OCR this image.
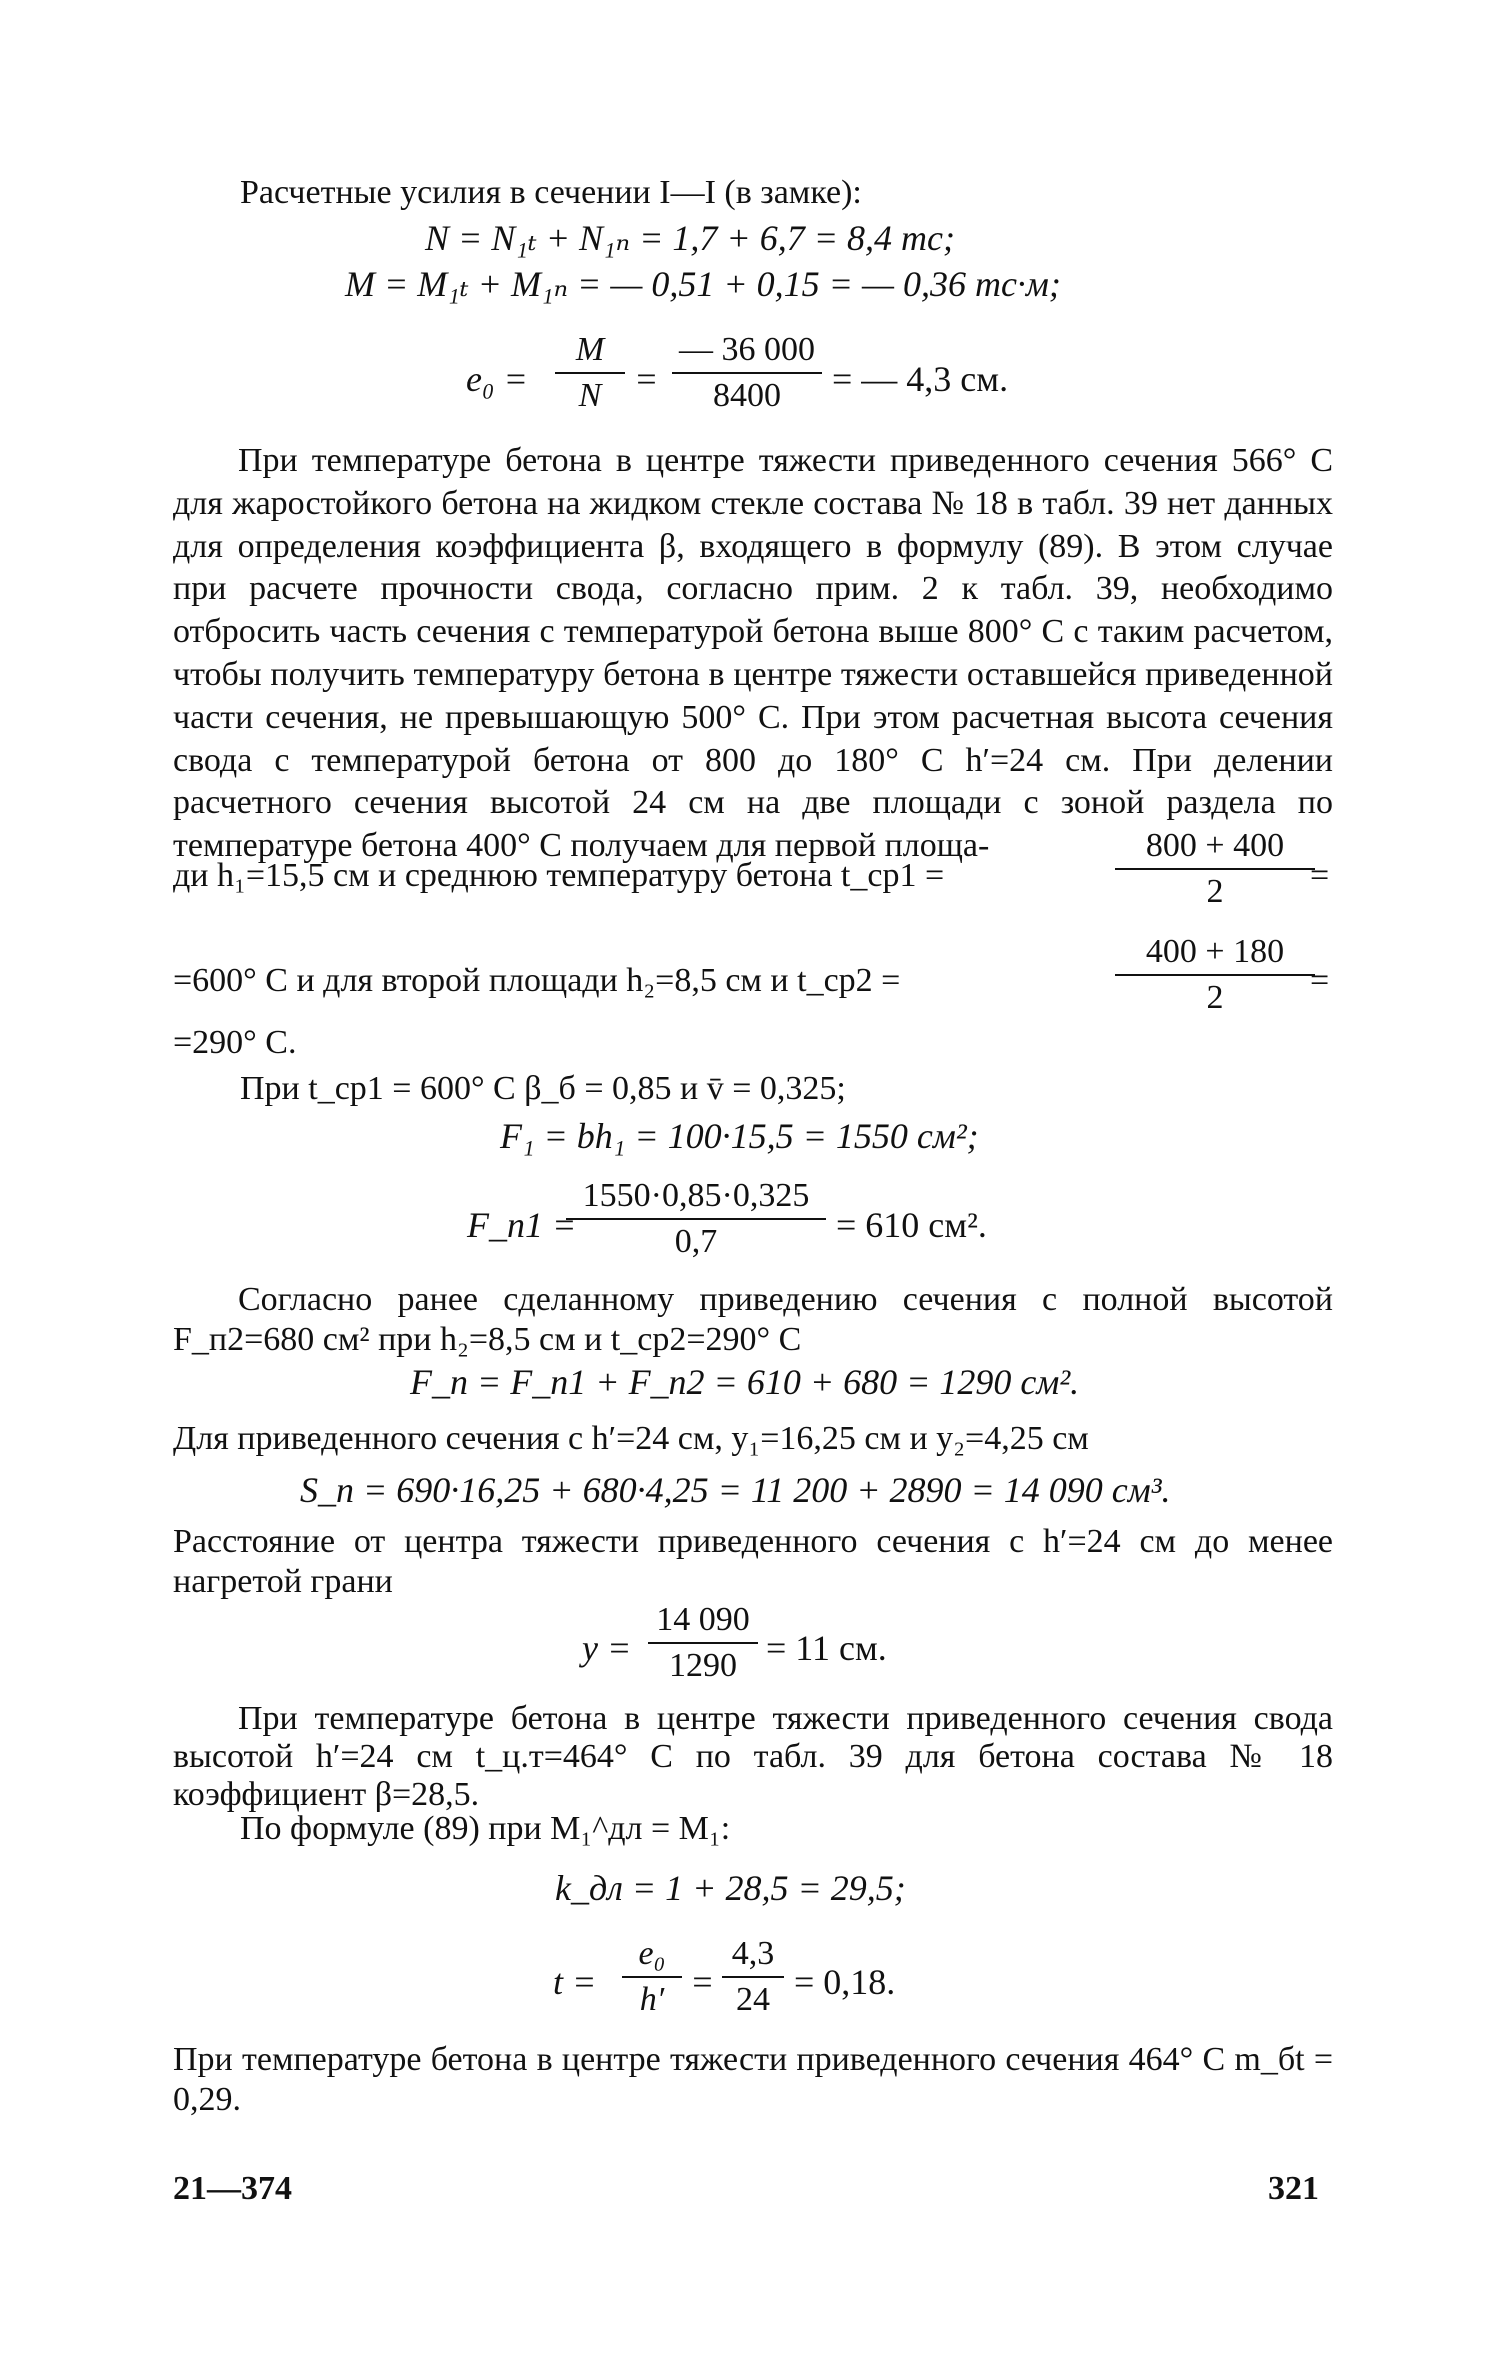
Расчетные усилия в сечении I—I (в замке):
N = N₁ₜ + N₁ₙ = 1,7 + 6,7 = 8,4 тс;
M = M₁ₜ + M₁ₙ = — 0,51 + 0,15 = — 0,36 тс·м;
e₀ =
M
N =
— 36 000
8400	= — 4,3 см.
При температуре бетона в центре тяжести приведенного сечения 566° С для жаростойкого бетона на жидком стекле состава № 18 в табл. 39 нет данных для определения коэффициента β, входящего в формулу (89). В этом случае при расчете прочности свода, согласно прим. 2 к табл. 39, необходимо отбросить часть сечения с температурой бетона выше 800° С с таким расчетом, чтобы получить температуру бетона в центре тяжести оставшейся приведенной части сечения, не превышающую 500° С. При этом расчетная высота сечения свода с температурой бетона от 800 до 180° С h′=24 см. При делении расчетного сечения высотой 24 см на две площади с зоной раздела по температуре бетона 400° С получаем для первой площа-
ди h₁=15,5 см и среднюю температуру бетона t_cp1 =
800 + 400
2	=
=600° С и для второй площади h₂=8,5 см и t_cp2 =
400 + 180
2	=
=290° С.
При t_cp1 = 600° С β_б = 0,85 и v̄ = 0,325;
F₁ = bh₁ = 100·15,5 = 1550 см²;
F_п1 =
1550·0,85·0,325
0,7	= 610 см².
Согласно ранее сделанному приведению сечения с полной высотой F_п2=680 см² при h₂=8,5 см и t_cp2=290° С
F_п = F_п1 + F_п2 = 610 + 680 = 1290 см².
Для приведенного сечения с h′=24 см, y₁=16,25 см и y₂=4,25 см
S_п = 690·16,25 + 680·4,25 = 11 200 + 2890 = 14 090 см³.
Расстояние от центра тяжести приведенного сечения с h′=24 см до менее нагретой грани
y =
14 090
1290 = 11 см.
При температуре бетона в центре тяжести приведенного сечения свода высотой h′=24 см t_ц.т=464° С по табл. 39 для бетона состава № 18 коэффициент β=28,5.
По формуле (89) при M₁^дл = M₁:
k_дл = 1 + 28,5 = 29,5;
t =
e₀
h′ =
4,3
24 = 0,18.
При температуре бетона в центре тяжести приведенного сечения 464° С m_бt = 0,29.
21—374	321
